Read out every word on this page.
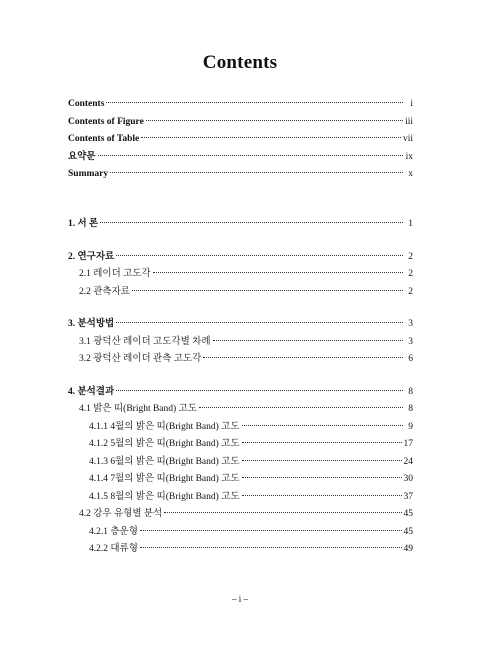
Contents
Contents	i
Contents of Figure	iii
Contents of Table	vii
요약문	ix
Summary	x
1. 서 론	1
2. 연구자료	2
2.1 레이더 고도각	2
2.2 관측자료	2
3. 분석방법	3
3.1 광덕산 레이더 고도각별 차례	3
3.2 광덕산 레이더 관측 고도각	6
4. 분석결과	8
4.1 밝은 띠(Bright Band) 고도	8
4.1.1 4월의 밝은 띠(Bright Band) 고도	9
4.1.2 5월의 밝은 띠(Bright Band) 고도	17
4.1.3 6월의 밝은 띠(Bright Band) 고도	24
4.1.4 7월의 밝은 띠(Bright Band) 고도	30
4.1.5 8월의 밝은 띠(Bright Band) 고도	37
4.2 강우 유형별 분석	45
4.2.1 층운형	45
4.2.2 대류형	49
– i –
